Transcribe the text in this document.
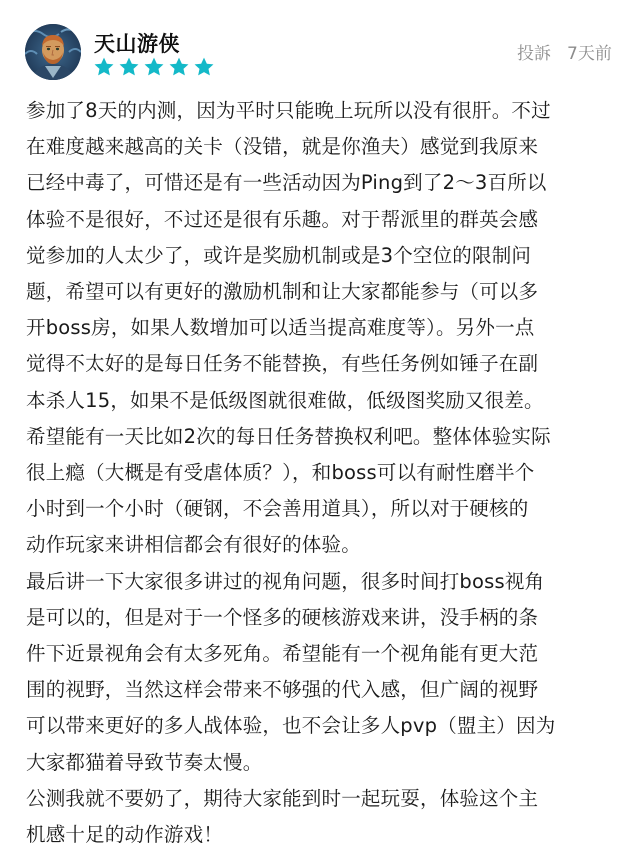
天山游侠	投訴 7天前

参加了8天的内测，因为平时只能晚上玩所以没有很肝。不过

在难度越来越高的关卡（没错，就是你渔夫）感觉到我原来

已经中毒了，可惜还是有一些活动因为Ping到了2～3百所以

体验不是很好，不过还是很有乐趣。对于帮派里的群英会感

觉参加的人太少了，或许是奖励机制或是3个空位的限制问

题，希望可以有更好的激励机制和让大家都能参与（可以多

开boss房，如果人数增加可以适当提高难度等）。另外一点

觉得不太好的是每日任务不能替换，有些任务例如锤子在副

本杀人15，如果不是低级图就很难做，低级图奖励又很差。

希望能有一天比如2次的每日任务替换权利吧。整体体验实际

很上瘾（大概是有受虐体质？），和boss可以有耐性磨半个

小时到一个小时（硬钢，不会善用道具），所以对于硬核的

动作玩家来讲相信都会有很好的体验。

最后讲一下大家很多讲过的视角问题，很多时间打boss视角

是可以的，但是对于一个怪多的硬核游戏来讲，没手柄的条

件下近景视角会有太多死角。希望能有一个视角能有更大范

围的视野，当然这样会带来不够强的代入感，但广阔的视野

可以带来更好的多人战体验，也不会让多人pvp（盟主）因为

大家都猫着导致节奏太慢。

公测我就不要奶了，期待大家能到时一起玩耍，体验这个主

机感十足的动作游戏！
